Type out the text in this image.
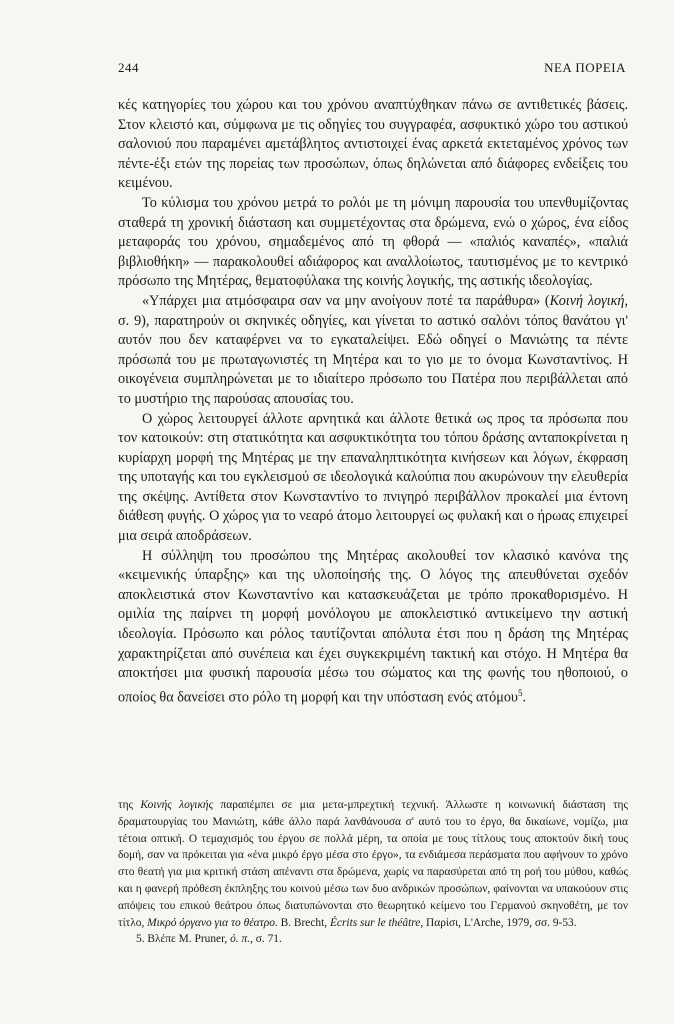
244	ΝΕΑ ΠΟΡΕΙΑ

κές κατηγορίες του χώρου και του χρόνου αναπτύχθηκαν πάνω σε αντιθετικές βάσεις. Στον κλειστό και, σύμφωνα με τις οδηγίες του συγγραφέα, ασφυκτικό χώρο του αστικού σαλονιού που παραμένει αμετάβλητος αντιστοιχεί ένας αρκετά εκτεταμένος χρόνος των πέντε-έξι ετών της πορείας των προσώπων, όπως δηλώνεται από διάφορες ενδείξεις του κειμένου.

Το κύλισμα του χρόνου μετρά το ρολόι με τη μόνιμη παρουσία του υπενθυμίζοντας σταθερά τη χρονική διάσταση και συμμετέχοντας στα δρώμενα, ενώ ο χώρος, ένα είδος μεταφοράς του χρόνου, σημαδεμένος από τη φθορά — «παλιός καναπές», «παλιά βιβλιοθήκη» — παρακολουθεί αδιάφορος και αναλλοίωτος, ταυτισμένος με το κεντρικό πρόσωπο της Μητέρας, θεματοφύλακα της κοινής λογικής, της αστικής ιδεολογίας.

«Υπάρχει μια ατμόσφαιρα σαν να μην ανοίγουν ποτέ τα παράθυρα» (Κοινή λογική, σ. 9), παρατηρούν οι σκηνικές οδηγίες, και γίνεται το αστικό σαλόνι τόπος θανάτου γι' αυτόν που δεν καταφέρνει να το εγκαταλείψει. Εδώ οδηγεί ο Μανιώτης τα πέντε πρόσωπά του με πρωταγωνιστές τη Μητέρα και το γιο με το όνομα Κωνσταντίνος. Η οικογένεια συμπληρώνεται με το ιδιαίτερο πρόσωπο του Πατέρα που περιβάλλεται από το μυστήριο της παρούσας απουσίας του.

Ο χώρος λειτουργεί άλλοτε αρνητικά και άλλοτε θετικά ως προς τα πρόσωπα που τον κατοικούν: στη στατικότητα και ασφυκτικότητα του τόπου δράσης ανταποκρίνεται η κυρίαρχη μορφή της Μητέρας με την επαναληπτικότητα κινήσεων και λόγων, έκφραση της υποταγής και του εγκλεισμού σε ιδεολογικά καλούπια που ακυρώνουν την ελευθερία της σκέψης. Αντίθετα στον Κωνσταντίνο το πνιγηρό περιβάλλον προκαλεί μια έντονη διάθεση φυγής. Ο χώρος για το νεαρό άτομο λειτουργεί ως φυλακή και ο ήρωας επιχειρεί μια σειρά αποδράσεων.

Η σύλληψη του προσώπου της Μητέρας ακολουθεί τον κλασικό κανόνα της «κειμενικής ύπαρξης» και της υλοποίησής της. Ο λόγος της απευθύνεται σχεδόν αποκλειστικά στον Κωνσταντίνο και κατασκευάζεται με τρόπο προκαθορισμένο. Η ομιλία της παίρνει τη μορφή μονόλογου με αποκλειστικό αντικείμενο την αστική ιδεολογία. Πρόσωπο και ρόλος ταυτίζονται απόλυτα έτσι που η δράση της Μητέρας χαρακτηρίζεται από συνέπεια και έχει συγκεκριμένη τακτική και στόχο. Η Μητέρα θα αποκτήσει μια φυσική παρουσία μέσω του σώματος και της φωνής του ηθοποιού, ο οποίος θα δανείσει στο ρόλο τη μορφή και την υπόσταση ενός ατόμου$^5$.

της Κοινής λογικής παραπέμπει σε μια μετα-μπρεχτική τεχνική. Άλλωστε η κοινωνική διάσταση της δραματουργίας του Μανιώτη, κάθε άλλο παρά λανθάνουσα σ' αυτό του το έργο, θα δικαίωνε, νομίζω, μια τέτοια οπτική. Ο τεμαχισμός του έργου σε πολλά μέρη, τα οποία με τους τίτλους τους αποκτούν δική τους δομή, σαν να πρόκειται για «ένα μικρό έργο μέσα στο έργο», τα ενδιάμεσα περάσματα που αφήνουν το χρόνο στο θεατή για μια κριτική στάση απέναντι στα δρώμενα, χωρίς να παρασύρεται από τη ροή του μύθου, καθώς και η φανερή πρόθεση έκπληξης του κοινού μέσω των δυο ανδρικών προσώπων, φαίνονται να υπακούουν στις απόψεις του επικού θεάτρου όπως διατυπώνονται στο θεωρητικό κείμενο του Γερμανού σκηνοθέτη, με τον τίτλο, Μικρό όργανο για το θέατρο. B. Brecht, Écrits sur le théâtre, Παρίσι, L'Arche, 1979, σσ. 9-53.

5. Βλέπε M. Pruner, ό. π., σ. 71.
